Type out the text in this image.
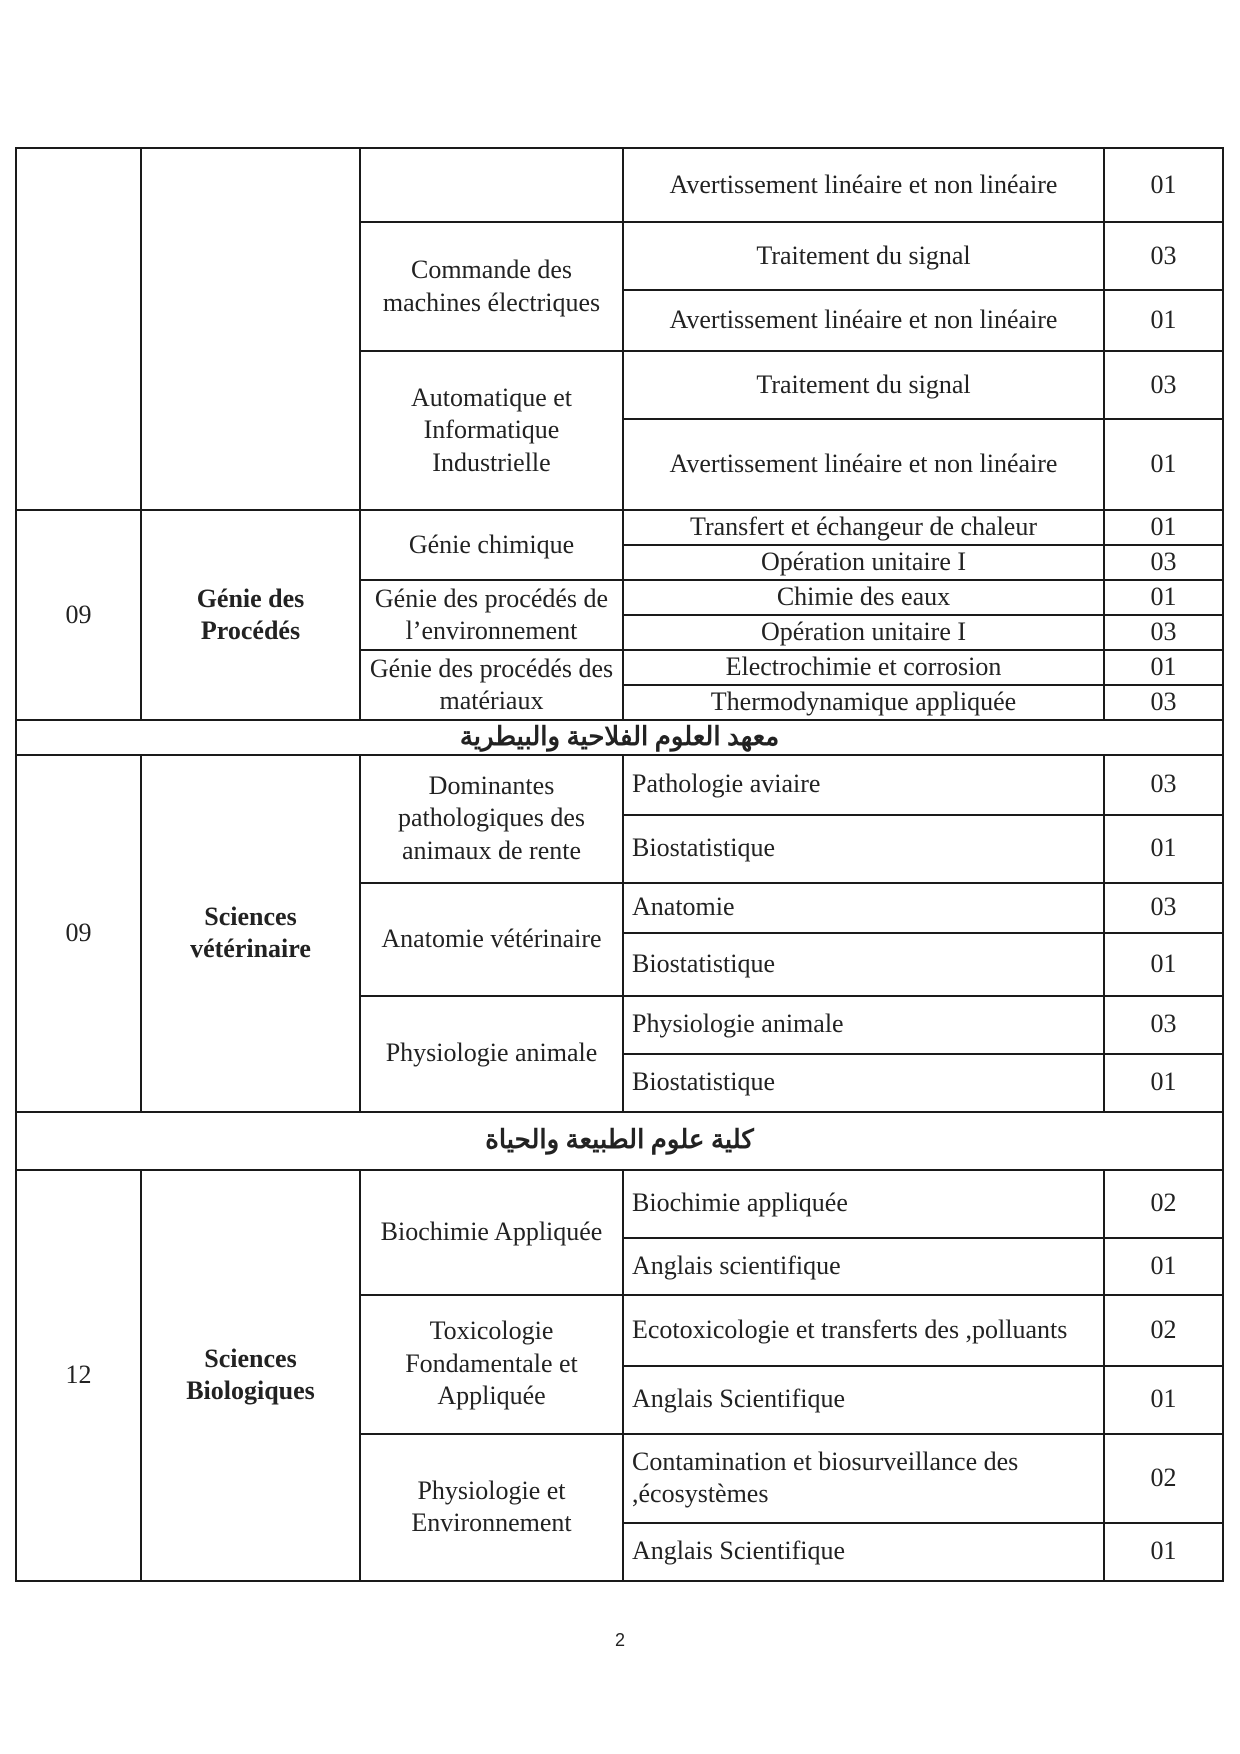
			Avertissement linéaire et non linéaire	01
		Commande des machines électriques	Traitement du signal	03
			Avertissement linéaire et non linéaire	01
		Automatique et Informatique Industrielle	Traitement du signal	03
			Avertissement linéaire et non linéaire	01
09	Génie des Procédés	Génie chimique	Transfert et échangeur de chaleur	01
			Opération unitaire I	03
		Génie des procédés de l’environnement	Chimie des eaux	01
			Opération unitaire I	03
		Génie des procédés des matériaux	Electrochimie et corrosion	01
			Thermodynamique appliquée	03
معهد العلوم الفلاحية والبيطرية				
09	Sciences vétérinaire	Dominantes pathologiques des animaux de rente	Pathologie aviaire	03
			Biostatistique	01
		Anatomie vétérinaire	Anatomie	03
			Biostatistique	01
		Physiologie animale	Physiologie animale	03
			Biostatistique	01
كلية علوم الطبيعة والحياة				
12	Sciences Biologiques	Biochimie Appliquée	Biochimie appliquée	02
			Anglais scientifique	01
		Toxicologie Fondamentale et Appliquée	Ecotoxicologie et transferts des ,polluants	02
			Anglais Scientifique	01
		Physiologie et Environnement	Contamination et biosurveillance des ,écosystèmes	02
			Anglais Scientifique	01
2
